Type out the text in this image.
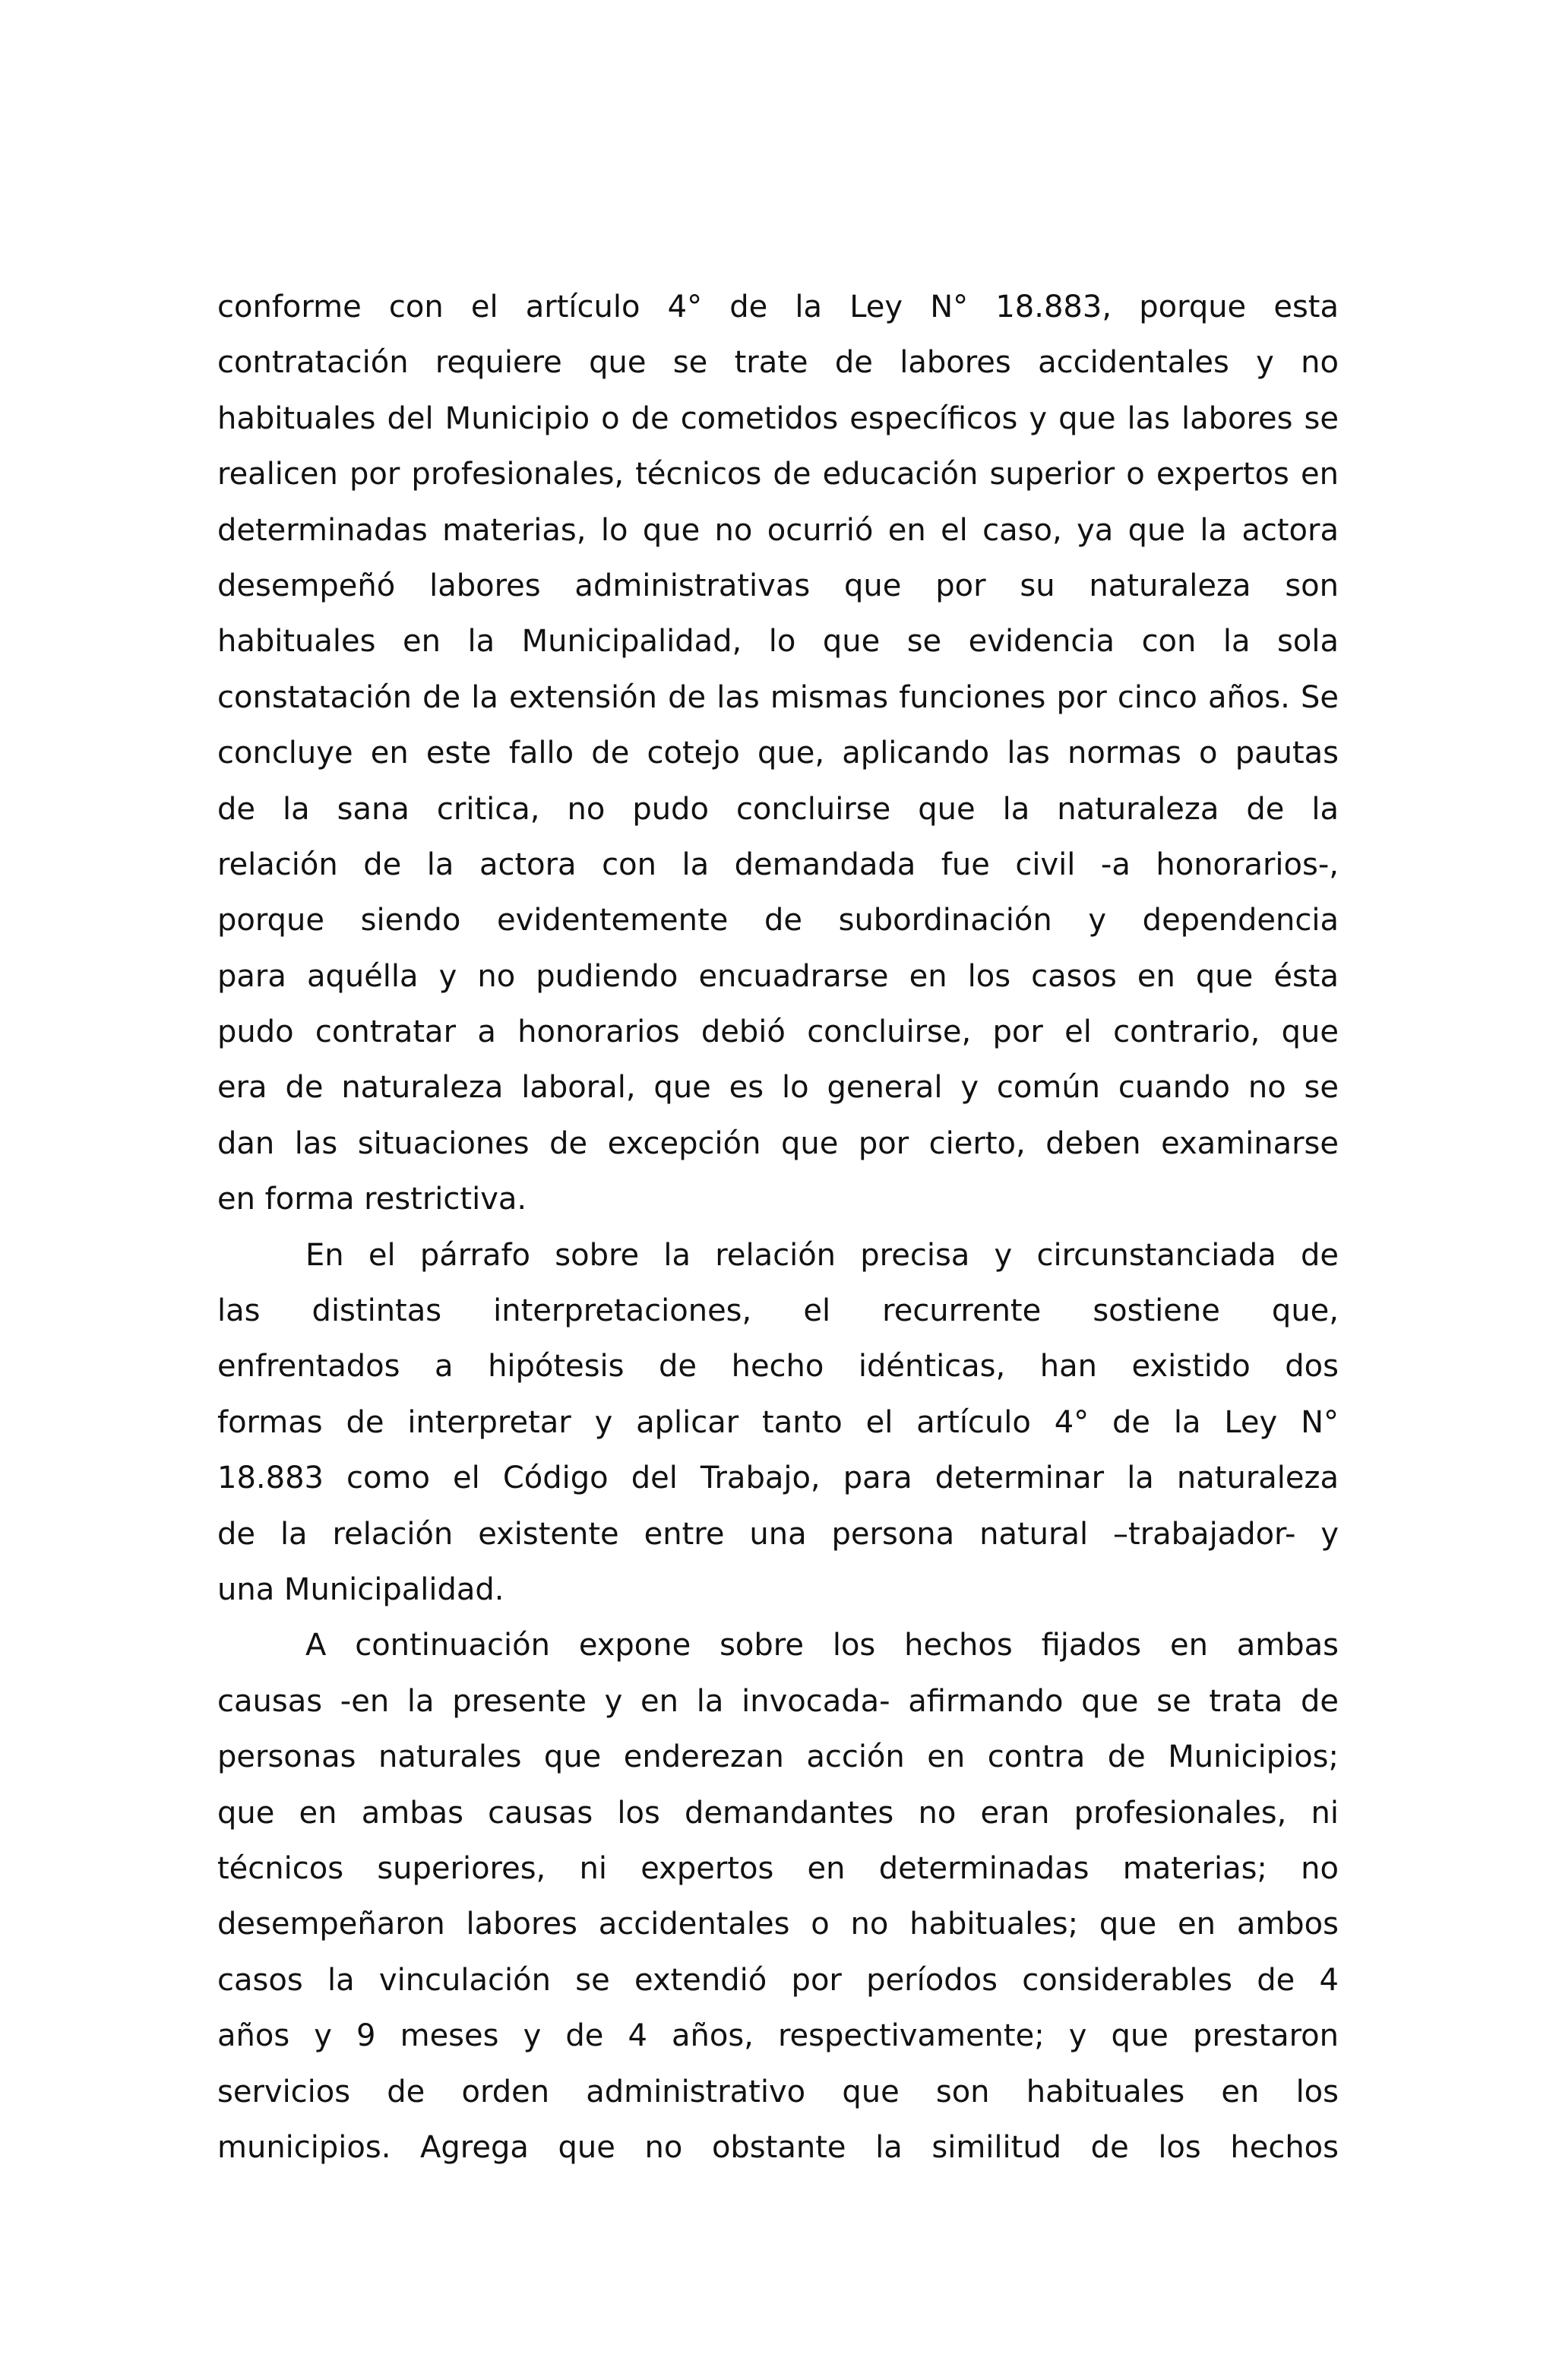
conforme con el artículo 4° de la Ley N° 18.883, porque esta
contratación requiere que se trate de labores accidentales y no
habituales del Municipio o de cometidos específicos y que las labores se
realicen por profesionales, técnicos de educación superior o expertos en
determinadas materias, lo que no ocurrió en el caso, ya que la actora
desempeñó labores administrativas que por su naturaleza son
habituales en la Municipalidad, lo que se evidencia con la sola
constatación de la extensión de las mismas funciones por cinco años. Se
concluye en este fallo de cotejo que, aplicando las normas o pautas
de la sana critica, no pudo concluirse que la naturaleza de la
relación de la actora con la demandada fue civil -a honorarios-,
porque siendo evidentemente de subordinación y dependencia
para aquélla y no pudiendo encuadrarse en los casos en que ésta
pudo contratar a honorarios debió concluirse, por el contrario, que
era de naturaleza laboral, que es lo general y común cuando no se
dan las situaciones de excepción que por cierto, deben examinarse
en forma restrictiva.
En el párrafo sobre la relación precisa y circunstanciada de
las distintas interpretaciones, el recurrente sostiene que,
enfrentados a hipótesis de hecho idénticas, han existido dos
formas de interpretar y aplicar tanto el artículo 4° de la Ley N°
18.883 como el Código del Trabajo, para determinar la naturaleza
de la relación existente entre una persona natural –trabajador- y
una Municipalidad.
A continuación expone sobre los hechos fijados en ambas
causas -en la presente y en la invocada- afirmando que se trata de
personas naturales que enderezan acción en contra de Municipios;
que en ambas causas los demandantes no eran profesionales, ni
técnicos superiores, ni expertos en determinadas materias; no
desempeñaron labores accidentales o no habituales; que en ambos
casos la vinculación se extendió por períodos considerables de 4
años y 9 meses y de 4 años, respectivamente; y que prestaron
servicios de orden administrativo que son habituales en los
municipios. Agrega que no obstante la similitud de los hechos
